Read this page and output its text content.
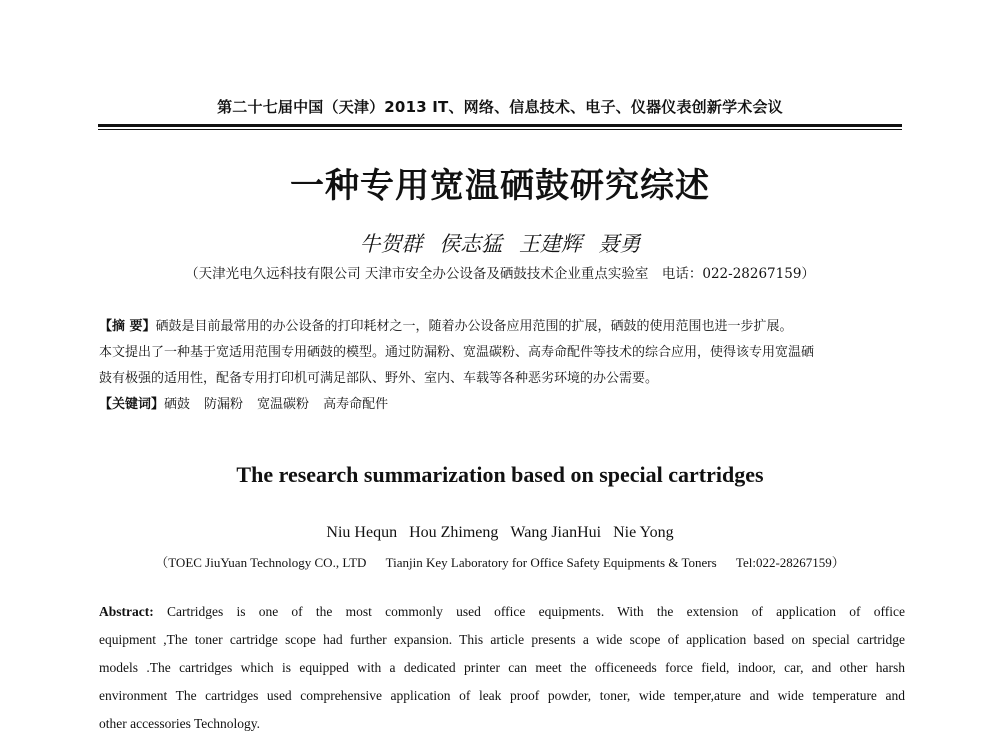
第二十七届中国（天津）2013 IT、网络、信息技术、电子、仪器仪表创新学术会议
一种专用宽温硒鼓研究综述
牛贺群 侯志猛 王建辉 聂勇
（天津光电久远科技有限公司 天津市安全办公设备及硒鼓技术企业重点实验室　电话：022-28267159）
【摘 要】硒鼓是目前最常用的办公设备的打印耗材之一，随着办公设备应用范围的扩展，硒鼓的使用范围也进一步扩展。
本文提出了一种基于宽适用范围专用硒鼓的模型。通过防漏粉、宽温碳粉、高寿命配件等技术的综合应用，使得该专用宽温硒
鼓有极强的适用性，配备专用打印机可满足部队、野外、室内、车载等各种恶劣环境的办公需要。
【关键词】硒鼓 防漏粉 宽温碳粉 高寿命配件
The research summarization based on special cartridges
Niu Hequn Hou Zhimeng Wang JianHui Nie Yong
（TOEC JiuYuan Technology CO., LTD Tianjin Key Laboratory for Office Safety Equipments & Toners Tel:022-28267159）
Abstract: Cartridges is one of the most commonly used office equipments. With the extension of application of office
equipment ,The toner cartridge scope had further expansion. This article presents a wide scope of application based on special cartridge
models .The cartridges which is equipped with a dedicated printer can meet the officeneeds force field, indoor, car, and other harsh
environment The cartridges used comprehensive application of leak proof powder, toner, wide temper,ature and wide temperature and
other accessories Technology.
